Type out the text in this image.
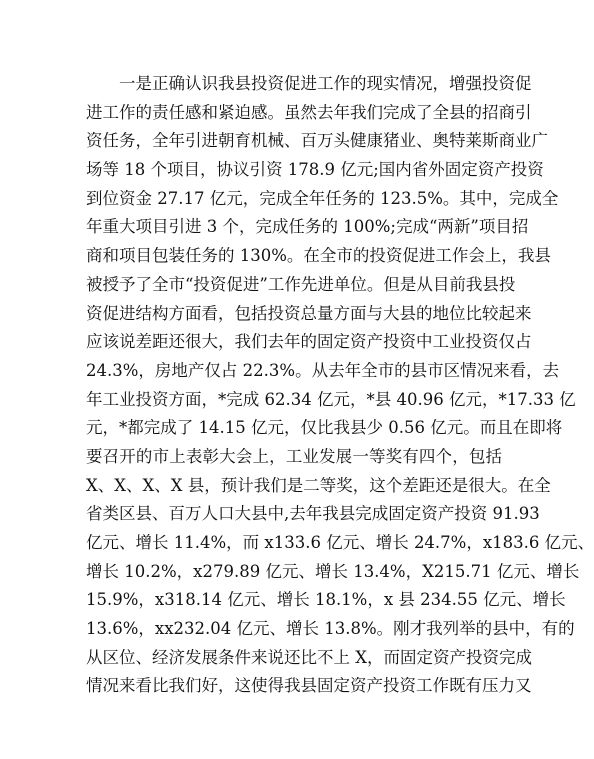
一是正确认识我县投资促进工作的现实情况，增强投资促
进工作的责任感和紧迫感。虽然去年我们完成了全县的招商引
资任务，全年引进朝育机械、百万头健康猪业、奥特莱斯商业广
场等 18 个项目，协议引资 178.9 亿元;国内省外固定资产投资
到位资金 27.17 亿元，完成全年任务的 123.5%。其中，完成全
年重大项目引进 3 个，完成任务的 100%;完成“两新”项目招
商和项目包装任务的 130%。在全市的投资促进工作会上，我县
被授予了全市“投资促进”工作先进单位。但是从目前我县投
资促进结构方面看，包括投资总量方面与大县的地位比较起来
应该说差距还很大，我们去年的固定资产投资中工业投资仅占
24.3%，房地产仅占 22.3%。从去年全市的县市区情况来看，去
年工业投资方面，*完成 62.34 亿元，*县 40.96 亿元，*17.33 亿
元，*都完成了 14.15 亿元，仅比我县少 0.56 亿元。而且在即将
要召开的市上表彰大会上，工业发展一等奖有四个，包括
X、X、X、X 县，预计我们是二等奖，这个差距还是很大。在全
省类区县、百万人口大县中,去年我县完成固定资产投资 91.93
亿元、增长 11.4%，而 x133.6 亿元、增长 24.7%，x183.6 亿元、
增长 10.2%，x279.89 亿元、增长 13.4%，X215.71 亿元、增长
15.9%，x318.14 亿元、增长 18.1%，x 县 234.55 亿元、增长
13.6%，xx232.04 亿元、增长 13.8%。刚才我列举的县中，有的
从区位、经济发展条件来说还比不上 X，而固定资产投资完成
情况来看比我们好，这使得我县固定资产投资工作既有压力又
